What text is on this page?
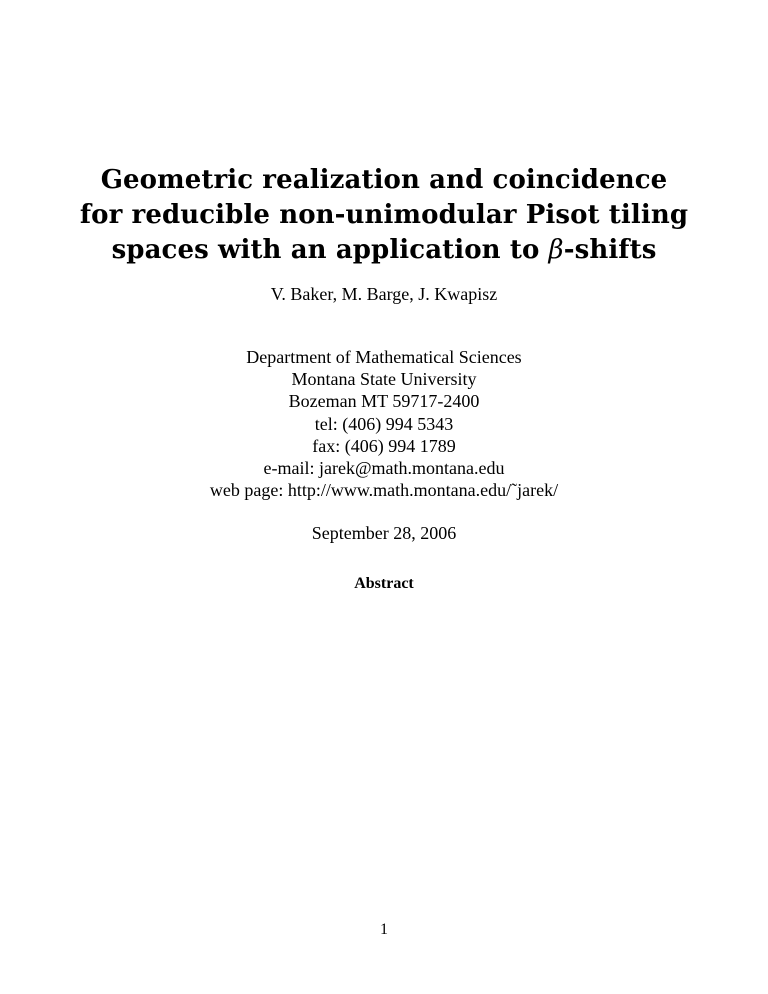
Geometric realization and coincidence
for reducible non-unimodular Pisot tiling
spaces with an application to β-shifts
V. Baker, M. Barge, J. Kwapisz
Department of Mathematical Sciences
Montana State University
Bozeman MT 59717-2400
tel: (406) 994 5343
fax: (406) 994 1789
e-mail: jarek@math.montana.edu
web page: http://www.math.montana.edu/˜jarek/
September 28, 2006
Abstract
1
